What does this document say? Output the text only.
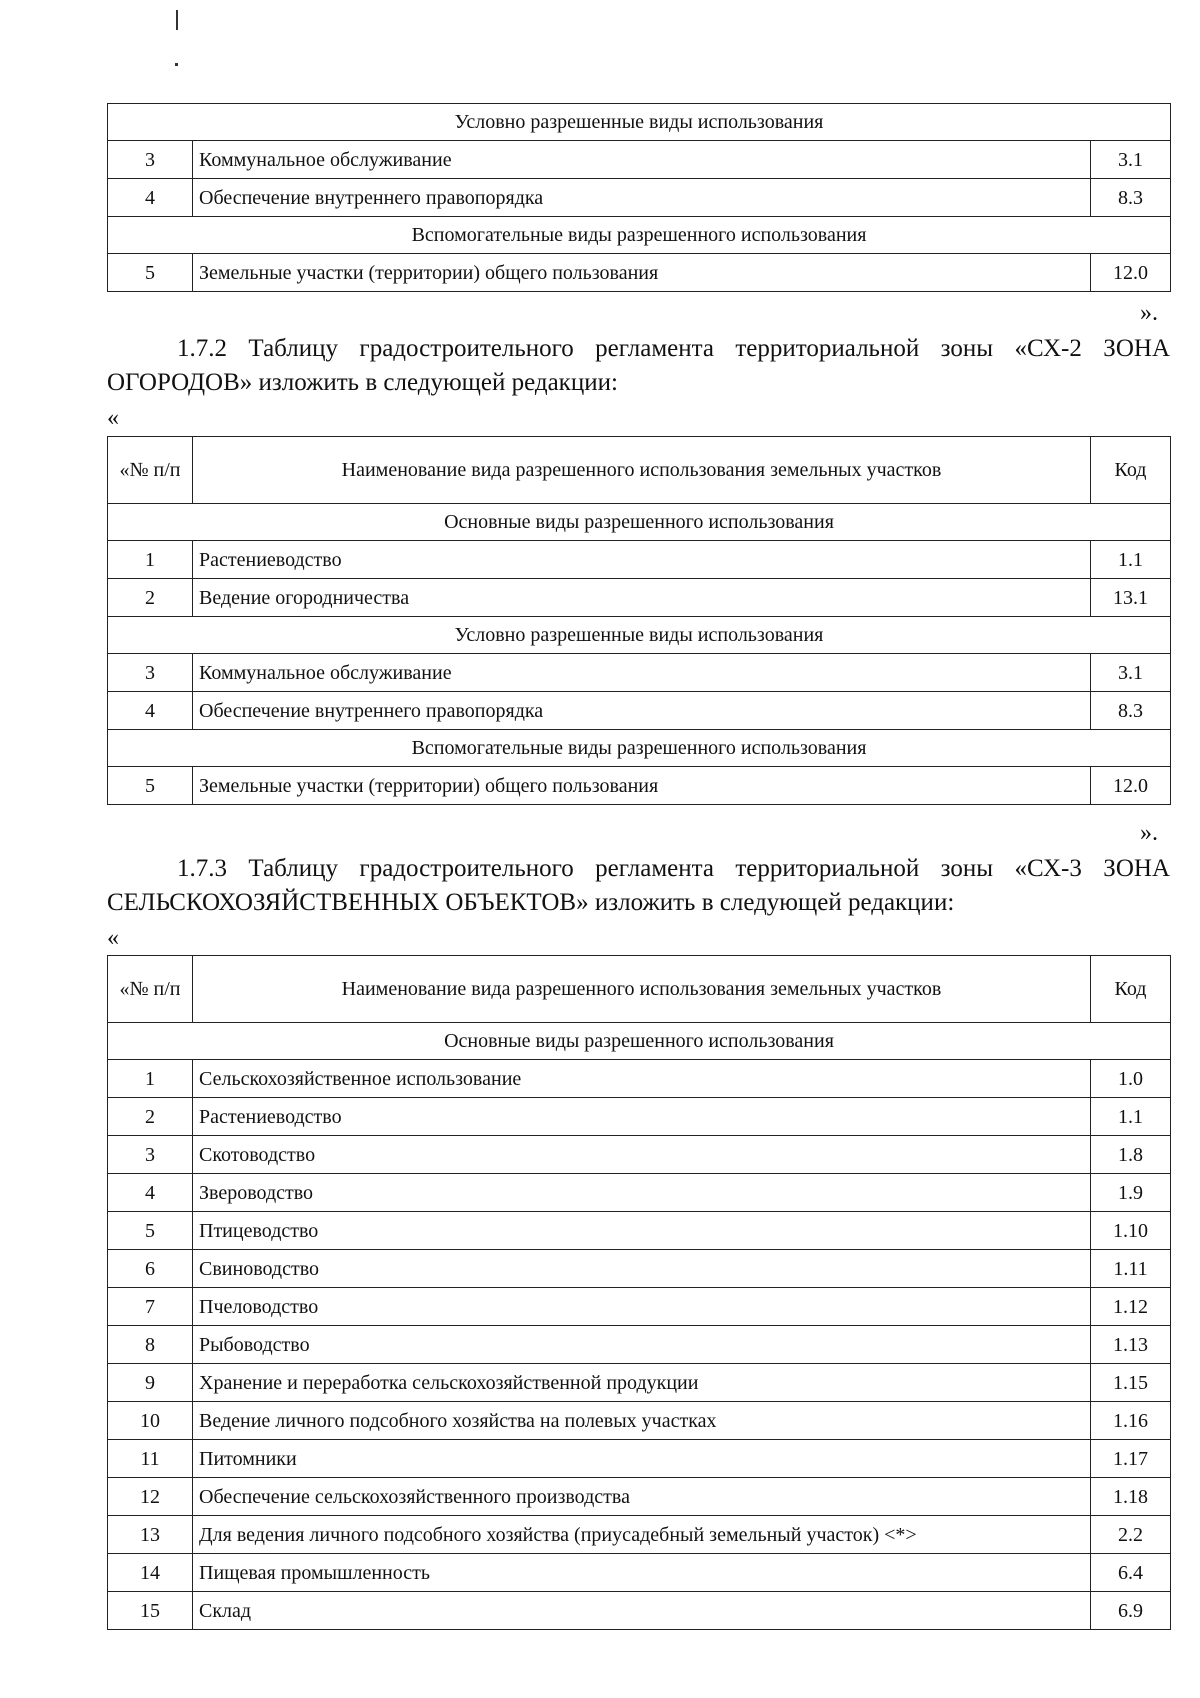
Условно разрешенные виды использования		
3	Коммунальное обслуживание	3.1
4	Обеспечение внутреннего правопорядка	8.3
Вспомогательные виды разрешенного использования		
5	Земельные участки (территории) общего пользования	12.0
».
1.7.2 Таблицу градостроительного регламента территориальной зоны «СХ-2 ЗОНА ОГОРОДОВ» изложить в следующей редакции:
«
«№ п/п	Наименование вида разрешенного использования земельных участков	Код
Основные виды разрешенного использования		
1	Растениеводство	1.1
2	Ведение огородничества	13.1
Условно разрешенные виды использования		
3	Коммунальное обслуживание	3.1
4	Обеспечение внутреннего правопорядка	8.3
Вспомогательные виды разрешенного использования		
5	Земельные участки (территории) общего пользования	12.0
».
1.7.3 Таблицу градостроительного регламента территориальной зоны «СХ-3 ЗОНА СЕЛЬСКОХОЗЯЙСТВЕННЫХ ОБЪЕКТОВ» изложить в следующей редакции:
«
«№ п/п	Наименование вида разрешенного использования земельных участков	Код
Основные виды разрешенного использования		
1	Сельскохозяйственное использование	1.0
2	Растениеводство	1.1
3	Скотоводство	1.8
4	Звероводство	1.9
5	Птицеводство	1.10
6	Свиноводство	1.11
7	Пчеловодство	1.12
8	Рыбоводство	1.13
9	Хранение и переработка сельскохозяйственной продукции	1.15
10	Ведение личного подсобного хозяйства на полевых участках	1.16
11	Питомники	1.17
12	Обеспечение сельскохозяйственного производства	1.18
13	Для ведения личного подсобного хозяйства (приусадебный земельный участок) <*>	2.2
14	Пищевая промышленность	6.4
15	Склад	6.9
